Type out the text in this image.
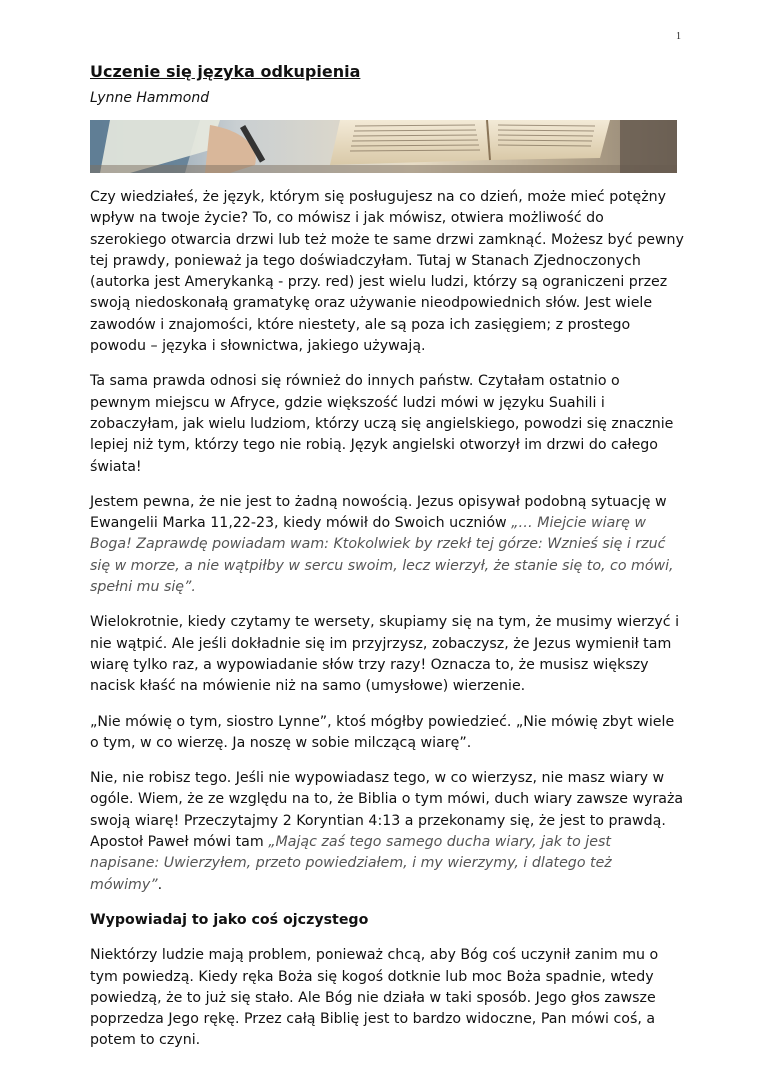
1
Uczenie się języka odkupienia
Lynne Hammond

Czy wiedziałeś, że język, którym się posługujesz na co dzień, może mieć potężny wpływ na twoje życie? To, co mówisz i jak mówisz, otwiera możliwość do szerokiego otwarcia drzwi lub też może te same drzwi zamknąć. Możesz być pewny tej prawdy, ponieważ ja tego doświadczyłam. Tutaj w Stanach Zjednoczonych (autorka jest Amerykanką - przy. red) jest wielu ludzi, którzy są ograniczeni przez swoją niedoskonałą gramatykę oraz używanie nieodpowiednich słów. Jest wiele zawodów i znajomości, które niestety, ale są poza ich zasięgiem; z prostego powodu – języka i słownictwa, jakiego używają.

Ta sama prawda odnosi się również do innych państw. Czytałam ostatnio o pewnym miejscu w Afryce, gdzie większość ludzi mówi w języku Suahili i zobaczyłam, jak wielu ludziom, którzy uczą się angielskiego, powodzi się znacznie lepiej niż tym, którzy tego nie robią. Język angielski otworzył im drzwi do całego świata!

Jestem pewna, że nie jest to żadną nowością. Jezus opisywał podobną sytuację w Ewangelii Marka 11,22-23, kiedy mówił do Swoich uczniów „… Miejcie wiarę w Boga! Zaprawdę powiadam wam: Ktokolwiek by rzekł tej górze: Wznieś się i rzuć się w morze, a nie wątpiłby w sercu swoim, lecz wierzył, że stanie się to, co mówi, spełni mu się”.

Wielokrotnie, kiedy czytamy te wersety, skupiamy się na tym, że musimy wierzyć i nie wątpić. Ale jeśli dokładnie się im przyjrzysz, zobaczysz, że Jezus wymienił tam wiarę tylko raz, a wypowiadanie słów trzy razy! Oznacza to, że musisz większy nacisk kłaść na mówienie niż na samo (umysłowe) wierzenie.

„Nie mówię o tym, siostro Lynne”, ktoś mógłby powiedzieć. „Nie mówię zbyt wiele o tym, w co wierzę. Ja noszę w sobie milczącą wiarę”.

Nie, nie robisz tego. Jeśli nie wypowiadasz tego, w co wierzysz, nie masz wiary w ogóle. Wiem, że ze względu na to, że Biblia o tym mówi, duch wiary zawsze wyraża swoją wiarę! Przeczytajmy 2 Koryntian 4:13 a przekonamy się, że jest to prawdą. Apostoł Paweł mówi tam „Mając zaś tego samego ducha wiary, jak to jest napisane: Uwierzyłem, przeto powiedziałem, i my wierzymy, i dlatego też mówimy”.

Wypowiadaj to jako coś ojczystego

Niektórzy ludzie mają problem, ponieważ chcą, aby Bóg coś uczynił zanim mu o tym powiedzą. Kiedy ręka Boża się kogoś dotknie lub moc Boża spadnie, wtedy powiedzą, że to już się stało. Ale Bóg nie działa w taki sposób. Jego głos zawsze poprzedza Jego rękę. Przez całą Biblię jest to bardzo widoczne, Pan mówi coś, a potem to czyni.
